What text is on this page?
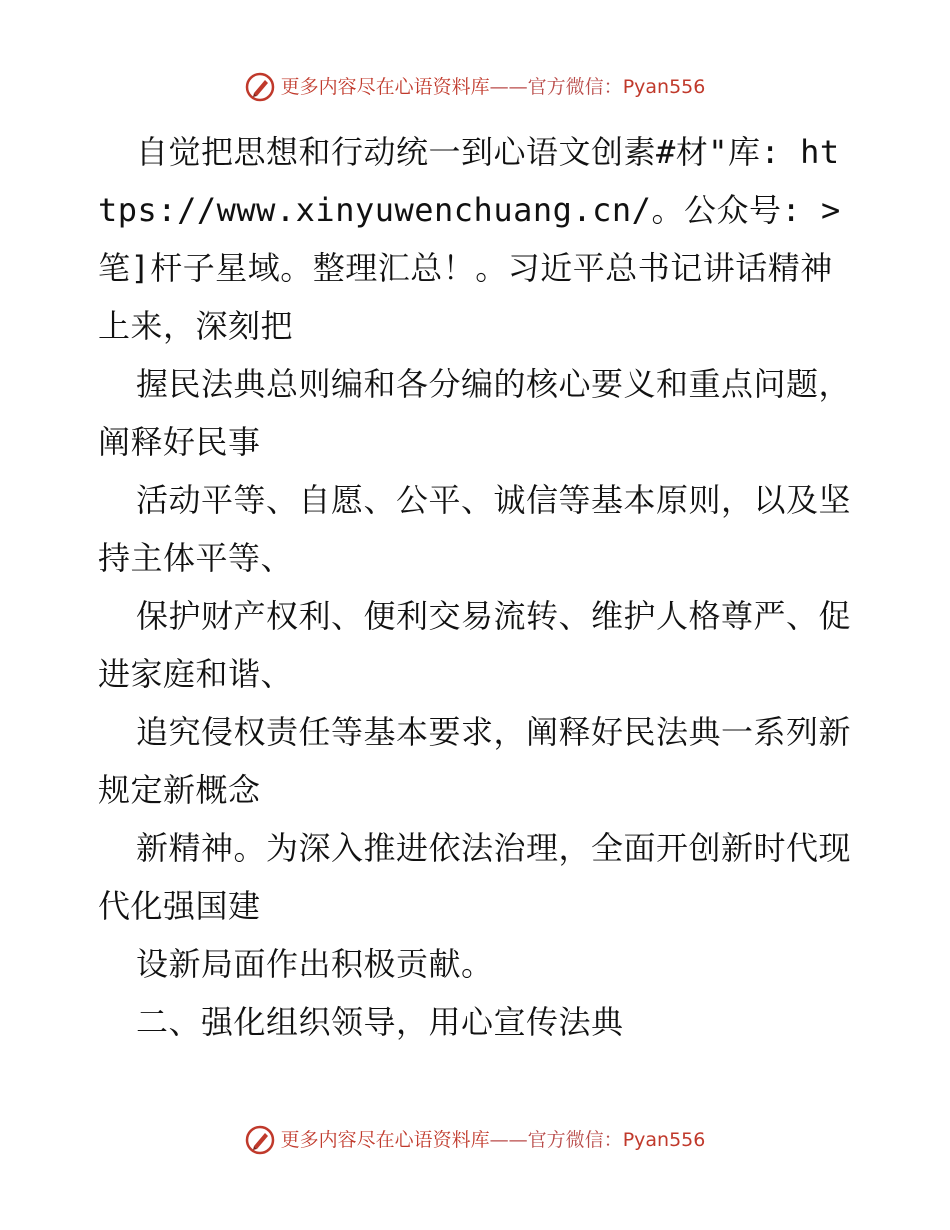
更多内容尽在心语资料库 —— 官方微信： Pyan556

自觉把思想和行动统一到心语文创素#材"库: https://www.xinyuwenchuang.cn/。公众号: >笔]杆子星域。整理汇总！。习近平总书记讲话精神上来，深刻把

握民法典总则编和各分编的核心要义和重点问题，阐释好民事

活动平等、自愿、公平、诚信等基本原则，以及坚持主体平等、

保护财产权利、便利交易流转、维护人格尊严、促进家庭和谐、

追究侵权责任等基本要求，阐释好民法典一系列新规定新概念

新精神。为深入推进依法治理，全面开创新时代现代化强国建

设新局面作出积极贡献。

二、强化组织领导，用心宣传法典

更多内容尽在心语资料库 —— 官方微信： Pyan556
